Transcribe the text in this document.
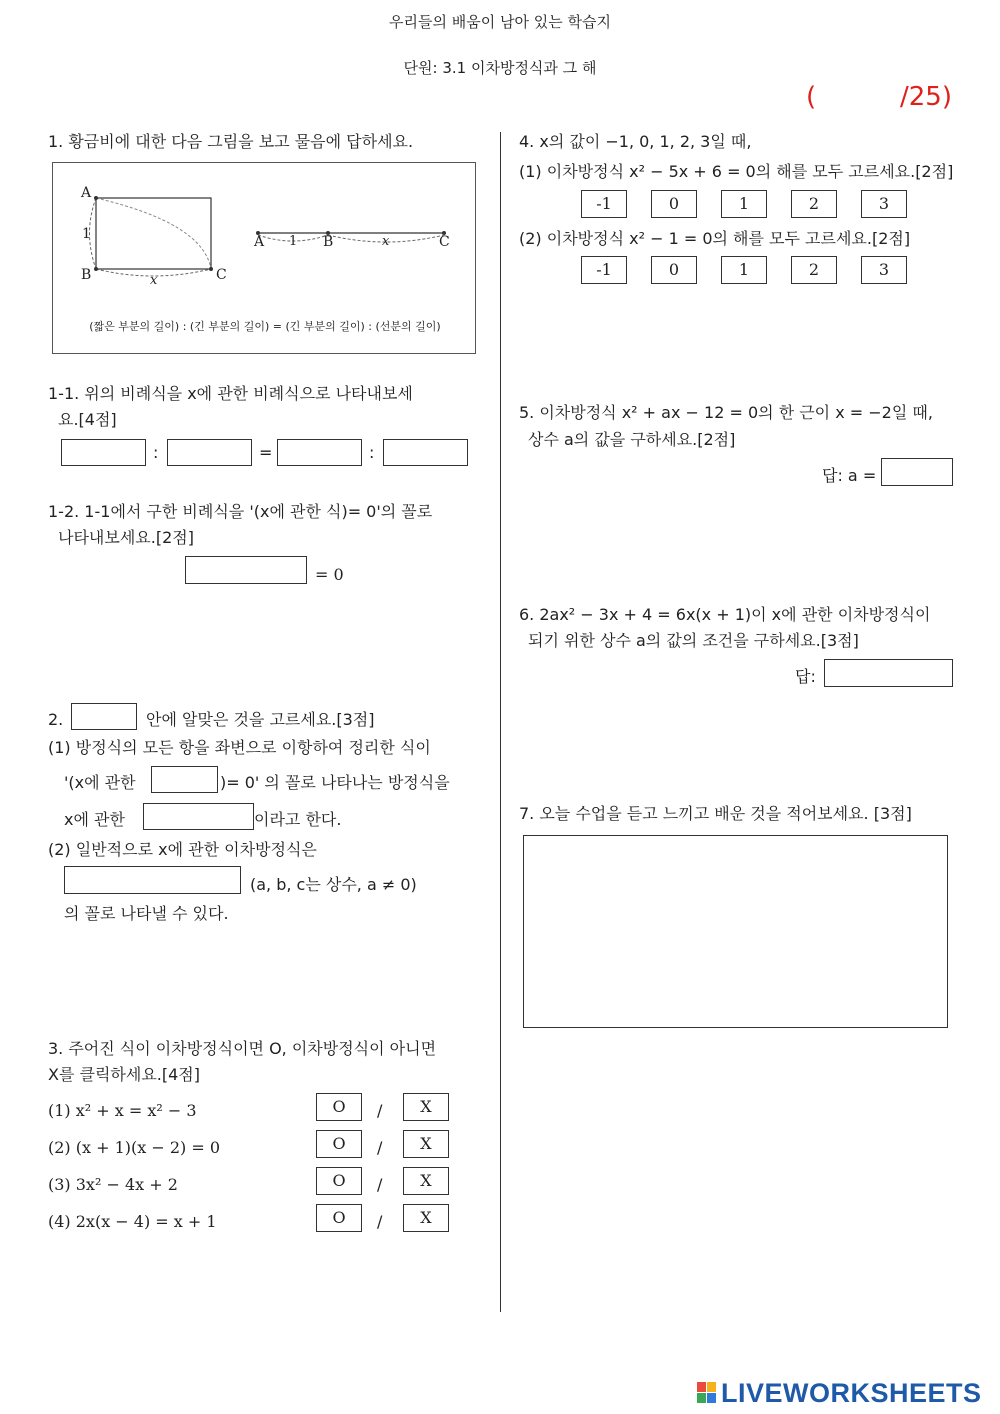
우리들의 배움이 남아 있는 학습지
단원: 3.1 이차방정식과 그 해
(	/25)
1. 황금비에 대한 다음 그림을 보고 물음에 답하세요.
A
1
B	x	C
A 1 B	x	C
(짧은 부분의 길이) : (긴 부분의 길이) = (긴 부분의 길이) : (선분의 길이)
1-1. 위의 비례식을 x에 관한 비례식으로 나타내보세
요.[4점]
:	=	:
1-2. 1-1에서 구한 비례식을 '(x에 관한 식)= 0'의 꼴로
나타내보세요.[2점]
= 0
2.	안에 알맞은 것을 고르세요.[3점]
(1) 방정식의 모든 항을 좌변으로 이항하여 정리한 식이
'(x에 관한	)= 0' 의 꼴로 나타나는 방정식을
x에 관한	이라고 한다.
(2) 일반적으로 x에 관한 이차방정식은
(a, b, c는 상수, a ≠ 0)
의 꼴로 나타낼 수 있다.
3. 주어진 식이 이차방정식이면 O, 이차방정식이 아니면
X를 클릭하세요.[4점]
(1) x² + x = x² − 3	O	/	X
(2) (x + 1)(x − 2) = 0	O	/	X
(3) 3x² − 4x + 2	O	/	X
(4) 2x(x − 4) = x + 1	O	/	X
4. x의 값이 −1, 0, 1, 2, 3일 때,
(1) 이차방정식 x² − 5x + 6 = 0의 해를 모두 고르세요.[2점]
-1	0	1	2	3
(2) 이차방정식 x² − 1 = 0의 해를 모두 고르세요.[2점]
-1	0	1	2	3
5. 이차방정식 x² + ax − 12 = 0의 한 근이 x = −2일 때,
상수 a의 값을 구하세요.[2점]
답: a =
6. 2ax² − 3x + 4 = 6x(x + 1)이 x에 관한 이차방정식이
되기 위한 상수 a의 값의 조건을 구하세요.[3점]
답:
7. 오늘 수업을 듣고 느끼고 배운 것을 적어보세요. [3점]
LIVEWORKSHEETS
